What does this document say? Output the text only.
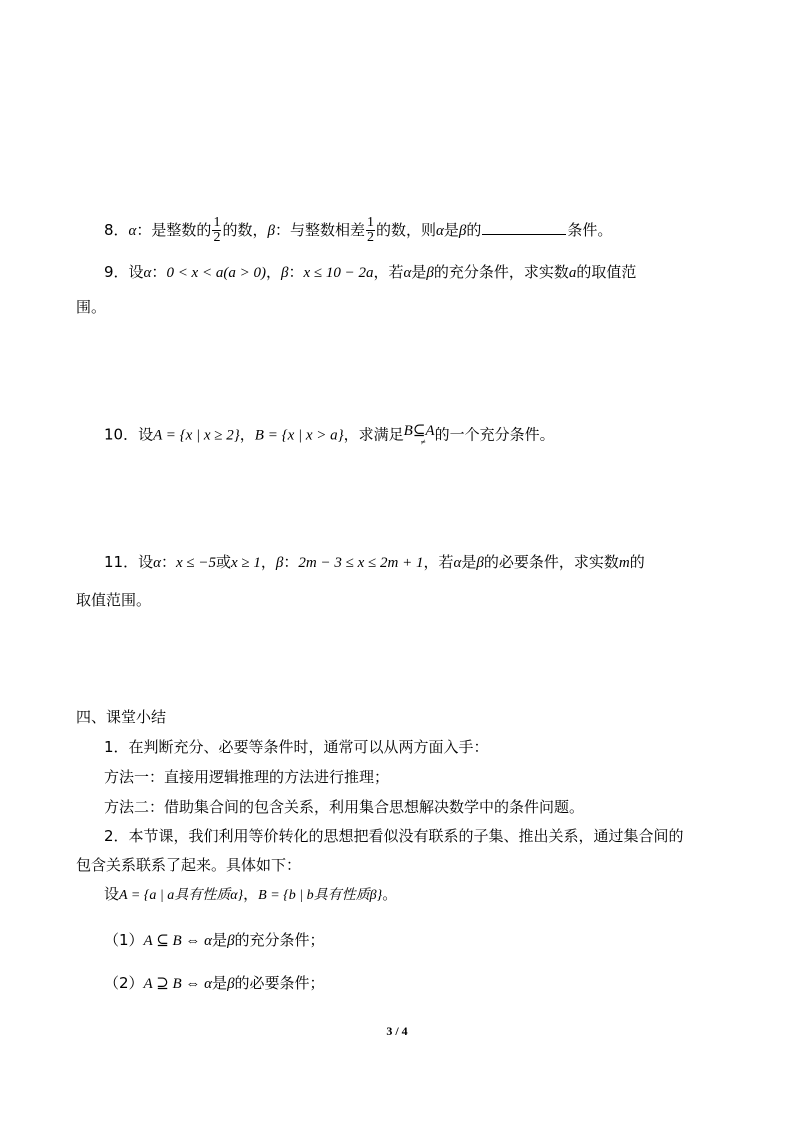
8．α：是整数的 $\frac{1}{2}$ 的数，β：与整数相差 $\frac{1}{2}$ 的数，则α是β的	条件。
9．设α：0 < x < a(a > 0)，β：x ≤ 10 − 2a，若α是β的充分条件，求实数a的取值范
围。
10．设A = {x | x ≥ 2}，B = {x | x > a}，求满足 B⊆A
≠ 的一个充分条件。
11．设α：x ≤ −5或x ≥ 1，β：2m − 3 ≤ x ≤ 2m + 1，若α是β的必要条件，求实数m的
取值范围。
四、课堂小结
1．在判断充分、必要等条件时，通常可以从两方面入手：
方法一：直接用逻辑推理的方法进行推理；
方法二：借助集合间的包含关系，利用集合思想解决数学中的条件问题。
2．本节课，我们利用等价转化的思想把看似没有联系的子集、推出关系，通过集合间的
包含关系联系了起来。具体如下：
设A = {a | a具有性质α}，B = {b | b具有性质β}。
（1）A ⊆ B ⇔ α是β的充分条件；
（2）A ⊇ B ⇔ α是β的必要条件；
3 / 4
